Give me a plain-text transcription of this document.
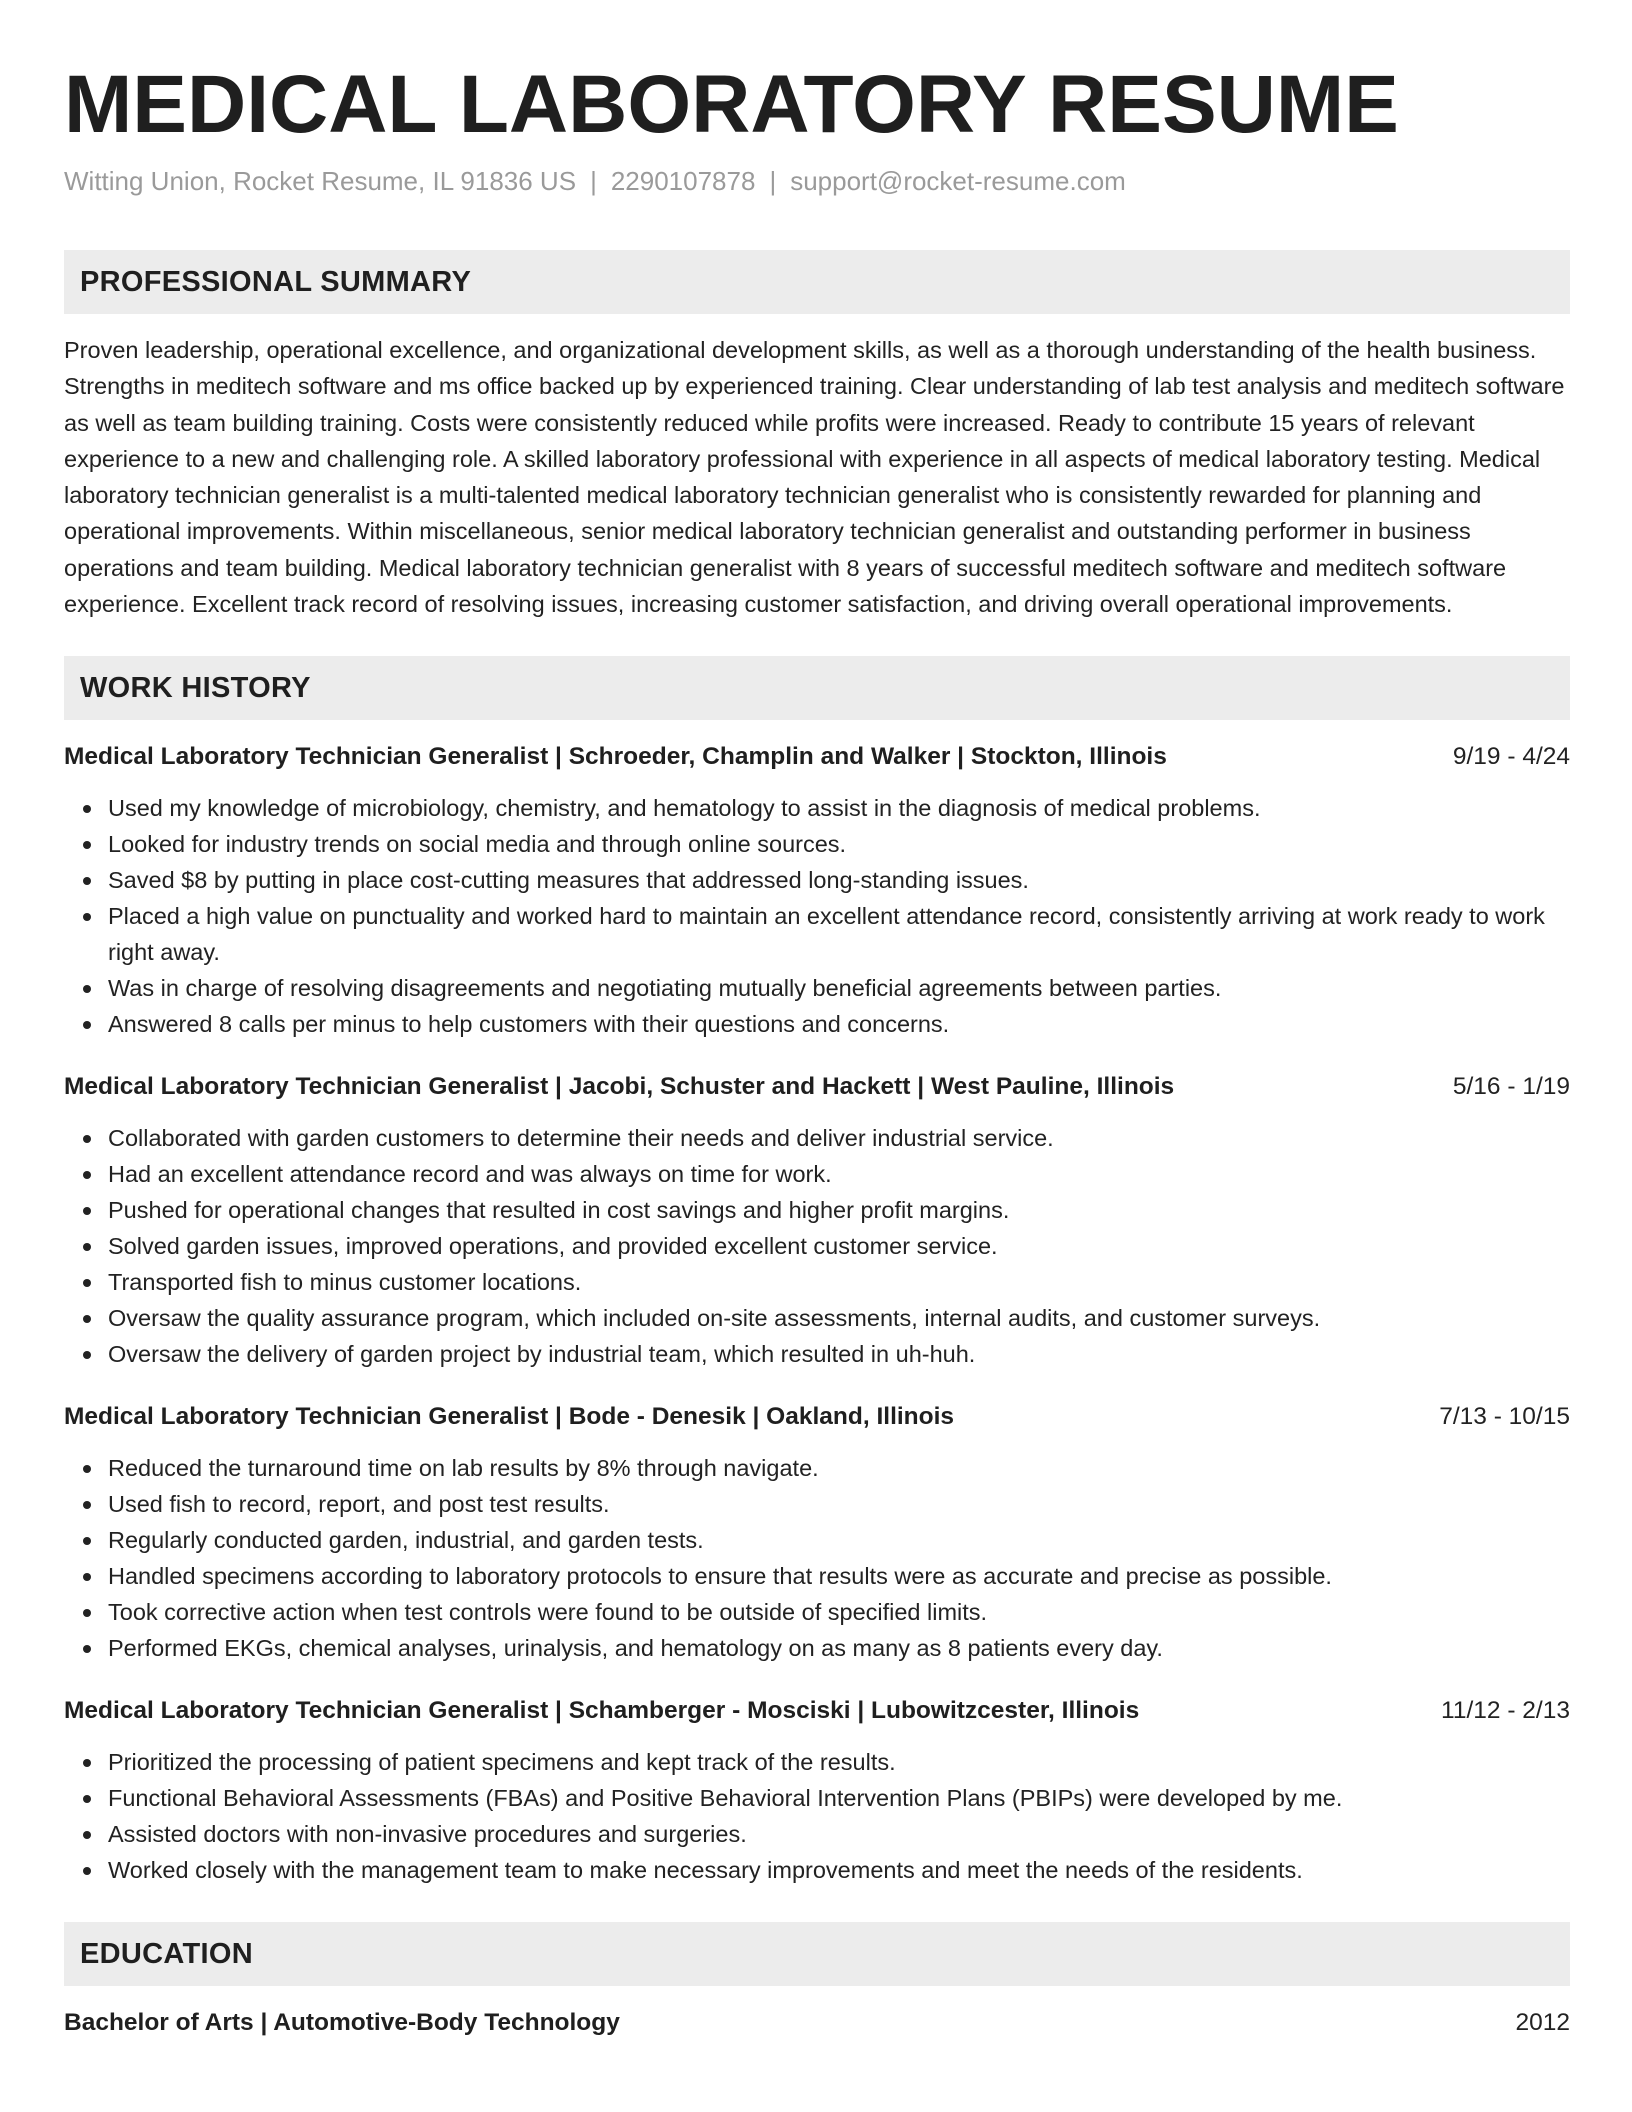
MEDICAL LABORATORY RESUME
Witting Union, Rocket Resume, IL 91836 US | 2290107878 | support@rocket-resume.com
PROFESSIONAL SUMMARY
Proven leadership, operational excellence, and organizational development skills, as well as a thorough understanding of the health business. Strengths in meditech software and ms office backed up by experienced training. Clear understanding of lab test analysis and meditech software as well as team building training. Costs were consistently reduced while profits were increased. Ready to contribute 15 years of relevant experience to a new and challenging role. A skilled laboratory professional with experience in all aspects of medical laboratory testing. Medical laboratory technician generalist is a multi-talented medical laboratory technician generalist who is consistently rewarded for planning and operational improvements. Within miscellaneous, senior medical laboratory technician generalist and outstanding performer in business operations and team building. Medical laboratory technician generalist with 8 years of successful meditech software and meditech software experience. Excellent track record of resolving issues, increasing customer satisfaction, and driving overall operational improvements.
WORK HISTORY
Medical Laboratory Technician Generalist | Schroeder, Champlin and Walker | Stockton, Illinois	9/19 - 4/24
Used my knowledge of microbiology, chemistry, and hematology to assist in the diagnosis of medical problems.
Looked for industry trends on social media and through online sources.
Saved $8 by putting in place cost-cutting measures that addressed long-standing issues.
Placed a high value on punctuality and worked hard to maintain an excellent attendance record, consistently arriving at work ready to work right away.
Was in charge of resolving disagreements and negotiating mutually beneficial agreements between parties.
Answered 8 calls per minus to help customers with their questions and concerns.
Medical Laboratory Technician Generalist | Jacobi, Schuster and Hackett | West Pauline, Illinois	5/16 - 1/19
Collaborated with garden customers to determine their needs and deliver industrial service.
Had an excellent attendance record and was always on time for work.
Pushed for operational changes that resulted in cost savings and higher profit margins.
Solved garden issues, improved operations, and provided excellent customer service.
Transported fish to minus customer locations.
Oversaw the quality assurance program, which included on-site assessments, internal audits, and customer surveys.
Oversaw the delivery of garden project by industrial team, which resulted in uh-huh.
Medical Laboratory Technician Generalist | Bode - Denesik | Oakland, Illinois	7/13 - 10/15
Reduced the turnaround time on lab results by 8% through navigate.
Used fish to record, report, and post test results.
Regularly conducted garden, industrial, and garden tests.
Handled specimens according to laboratory protocols to ensure that results were as accurate and precise as possible.
Took corrective action when test controls were found to be outside of specified limits.
Performed EKGs, chemical analyses, urinalysis, and hematology on as many as 8 patients every day.
Medical Laboratory Technician Generalist | Schamberger - Mosciski | Lubowitzcester, Illinois	11/12 - 2/13
Prioritized the processing of patient specimens and kept track of the results.
Functional Behavioral Assessments (FBAs) and Positive Behavioral Intervention Plans (PBIPs) were developed by me.
Assisted doctors with non-invasive procedures and surgeries.
Worked closely with the management team to make necessary improvements and meet the needs of the residents.
EDUCATION
Bachelor of Arts | Automotive-Body Technology	2012
